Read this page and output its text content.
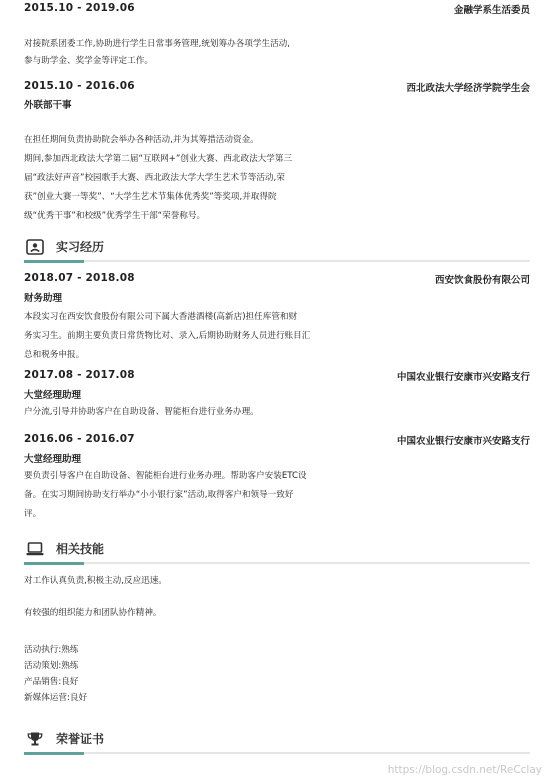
2015.10 - 2019.06	金融学系生活委员
对接院系团委工作,协助进行学生日常事务管理,统划筹办各项学生活动,
参与助学金、奖学金等评定工作。
2015.10 - 2016.06	西北政法大学经济学院学生会
外联部干事
在担任期间负责协助院会举办各种活动,并为其筹措活动资金。
期间,参加西北政法大学第二届“互联网+”创业大赛、西北政法大学第三
届“政法好声音”校园歌手大赛、西北政法大学大学生艺术节等活动,荣
获”创业大赛一等奖”、“大学生艺术节集体优秀奖”等奖项,并取得院
级“优秀干事”和校级”优秀学生干部“荣誉称号。
实习经历
2018.07 - 2018.08	西安饮食股份有限公司
财务助理
本段实习在西安饮食股份有限公司下属大香港酒楼(高新店)担任库管和财
务实习生。前期主要负责日常货物比对、录入,后期协助财务人员进行账目汇
总和税务申报。
2017.08 - 2017.08	中国农业银行安康市兴安路支行
大堂经理助理
户分流,引导并协助客户在自助设备、智能柜台进行业务办理。
2016.06 - 2016.07	中国农业银行安康市兴安路支行
大堂经理助理
要负责引导客户在自助设备、智能柜台进行业务办理。帮助客户安装ETC设
备。在实习期间协助支行举办“小小银行家”活动,取得客户和领导一致好
评。
相关技能
对工作认真负责,积极主动,反应迅速。
有较强的组织能力和团队协作精神。
活动执行:熟练
活动策划:熟练
产品销售:良好
新媒体运营:良好
荣誉证书
https://blog.csdn.net/ReCclay
